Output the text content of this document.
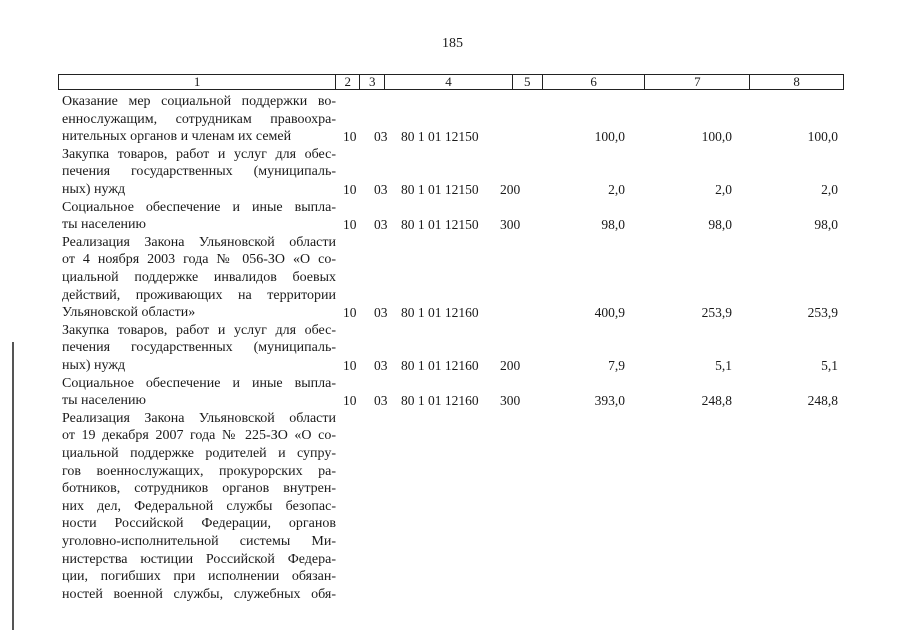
185
1	2	3	4	5	6	7	8
Оказание мер социальной поддержки во-
еннослужащим, сотрудникам правоохра-
нительных органов и членам их семей	10 03 80 1 01 12150	100,0	100,0	100,0
Закупка товаров, работ и услуг для обес-
печения государственных (муниципаль-
ных) нужд	10 03 80 1 01 12150 200	2,0	2,0	2,0
Социальное обеспечение и иные выпла-
ты населению	10 03 80 1 01 12150 300	98,0	98,0	98,0
Реализация Закона Ульяновской области
от 4 ноября 2003 года № 056-ЗО «О со-
циальной поддержке инвалидов боевых
действий, проживающих на территории
Ульяновской области»	10 03 80 1 01 12160	400,9	253,9	253,9
Закупка товаров, работ и услуг для обес-
печения государственных (муниципаль-
ных) нужд	10 03 80 1 01 12160 200	7,9	5,1	5,1
Социальное обеспечение и иные выпла-
ты населению	10 03 80 1 01 12160 300	393,0	248,8	248,8
Реализация Закона Ульяновской области
от 19 декабря 2007 года № 225-ЗО «О со-
циальной поддержке родителей и супру-
гов военнослужащих, прокурорских ра-
ботников, сотрудников органов внутрен-
них дел, Федеральной службы безопас-
ности Российской Федерации, органов
уголовно-исполнительной системы Ми-
нистерства юстиции Российской Федера-
ции, погибших при исполнении обязан-
ностей военной службы, служебных обя-
